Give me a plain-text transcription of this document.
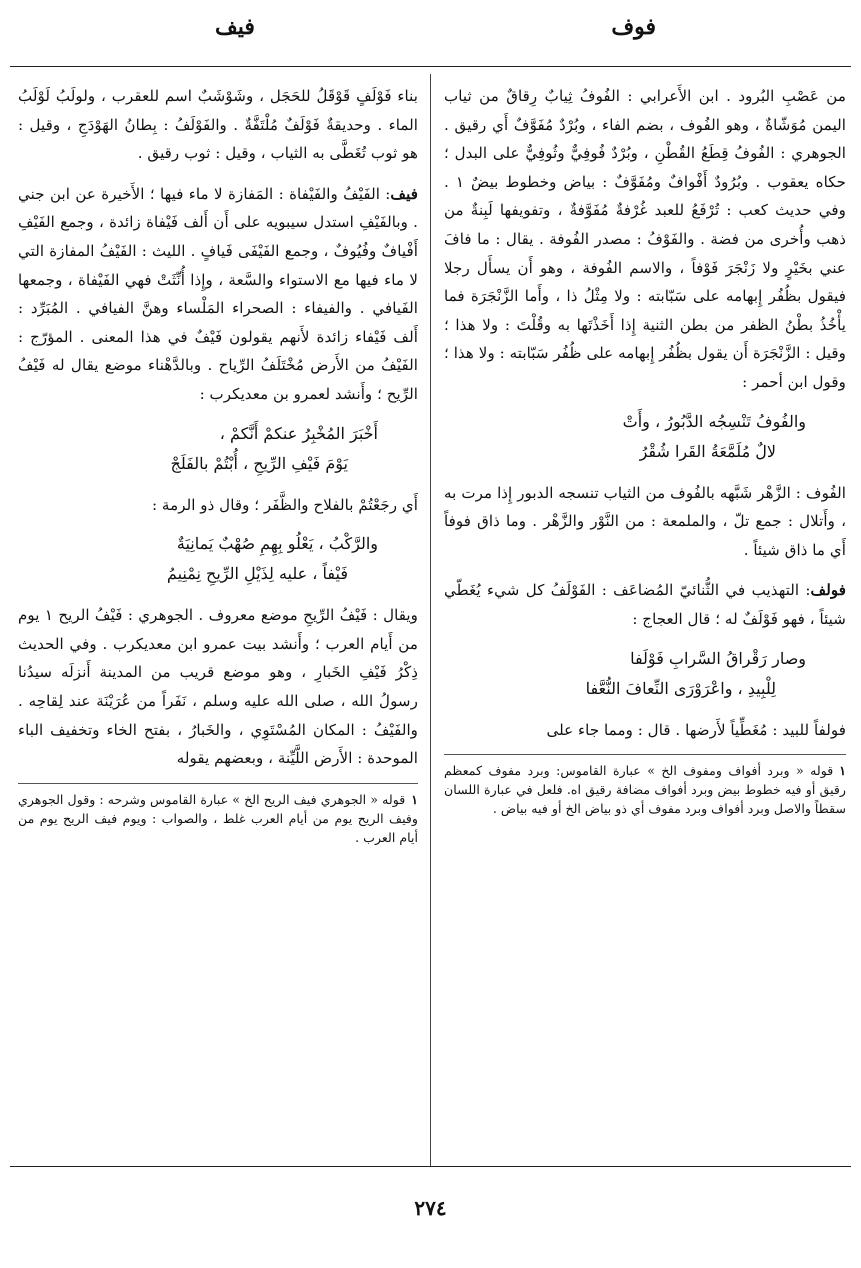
فوف
فيف

من عَصْبِ البُرود . ابن الأَعرابي : الفُوفُ ثِيابٌ رِقاقٌ من ثياب اليمن مُوَشّاةٌ ، وهو الفُوف ، بضم الفاء ، وبُرْدٌ مُفَوَّفٌ أَي رقيق . الجوهري : الفُوفُ قِطَعُ القُطْنِ ، وبُرْدٌ فُوفِيٌّ وثُوفِيٌّ على البدل ؛ حكاه يعقوب . وبُرُودٌ أَفْوافٌ ومُفَوَّفٌ : بياض وخطوط بيضٌ ١ . وفي حديث كعب : تُرْفَعُ للعبد غُرْفةٌ مُفَوَّفةٌ ، وتفويفها لَبِنةٌ من ذهب وأُخرى من فضة . والفَوْفُ : مصدر الفُوفة . يقال : ما فافَ عني بخَيْرٍ ولا زَنْجَرَ فَوْفاً ، والاسم الفُوفة ، وهو أَن يسأَل رجلا فيقول بظُفُر إِبهامه على سَبّابته : ولا مِثْلُ ذا ، وأَما الزَّنْجَرَة فما يأْخُذُ بطْنُ الظفر من بطن الثنية إِذا أَخَذْتَها به وقُلْتَ : ولا هذا ؛ وقيل : الزَّنْجَرَة أَن يقول بظُفُر إِبهامه على ظُفُر سَبّابته : ولا هذا ؛ وقول ابن أحمر :

والفُوفُ تَنْسِجُه الدَّبُورُ ، وأَتْ
لالٌ مُلَمَّعَةُ القَرا شُقْرُ

الفُوف : الزَّهْر شَبَّهه بالفُوف من الثياب تنسجه الدبور إِذا مرت به ، وأَتلال : جمع تلّ ، والملمعة : من النَّوْر والزَّهْر . وما ذاق فوفاً أَي ما ذاق شيئاً .

فولف: التهذيب في الثُّنائيّ المُضاعَف : الفَوْلَفُ كل شيء يُغَطّي شيئاً ، فهو فَوْلَفٌ له ؛ قال العجاج :

وصار رَقْراقُ السَّرابِ فَوْلَفا
لِلْبِيدِ ، واعْرَوْرَى النِّعافَ النُّعَّفا

فولفاً للبيد : مُغَطِّياً لأَرضها . قال : ومما جاء على

١قوله « وبرد أفواف ومفوف الخ » عبارة القاموس: وبرد مفوف كمعظم رقيق أو فيه خطوط بيض وبرد أفواف مضافة رقيق اه. فلعل في عبارة اللسان سقطاً والاصل وبرد أفواف وبرد مفوف أي ذو بياض الخ أو فيه بياض .

بناء فَوْلَفٍ قَوْقَلُ للحَجَل ، وشَوْشَبٌ اسم للعقرب ، ولولَبُ لَوْلَبُ الماء . وحديقةٌ فَوْلَفٌ مُلْتَفَّةٌ . والفَوْلَفُ : بِطانُ الهَوْدَجِ ، وقيل : هو ثوب تُغَطَّى به الثياب ، وقيل : ثوب رقيق .

فيف: الفَيْفُ والفَيْفاة : المَفازة لا ماء فيها ؛ الأَخيرة عن ابن جني . وبالفَيْفِ استدل سيبويه على أَن أَلف فَيْفاة زائدة ، وجمع الفَيْفِ أَفْيافٌ وفُيُوفٌ ، وجمع الفَيْفَى فَيافٍ . الليث : الفَيْفُ المفازة التي لا ماء فيها مع الاستواء والسَّعة ، وإِذا أُنِّثَتْ فهي الفَيْفاة ، وجمعها الفَيافي . والفيفاء : الصحراء المَلْساء وهنَّ الفيافي . المُبَرِّد : أَلف فَيْفاء زائدة لأَنهم يقولون فَيْفٌ في هذا المعنى . المؤرّج : الفَيْفُ من الأَرض مُخْتَلَفُ الرِّياح . وبالدَّهْناء موضع يقال له فَيْفُ الرِّيح ؛ وأَنشد لعمرو بن معديكرب :

أَخْبَرَ المُخْبِرُ عنكمْ أَنَّكمْ ،
يَوْمَ فَيْفِ الرِّيحِ ، أُبْتُمْ بالفَلَجْ

أَي رجَعْتُمْ بالفلاح والظَّفَر ؛ وقال ذو الرمة :

والرَّكْبُ ، يَعْلُو بِهِمِ صُهْبٌ يَمانِيَةٌ
فَيْفاً ، عليه لِذَيْلِ الرِّيحِ نِمْنِيمُ

ويقال : فَيْفُ الرِّيحِ موضع معروف . الجوهري : فَيْفُ الريح ١ يوم من أَيام العرب ؛ وأَنشد بيت عمرو ابن معديكرب . وفي الحديث ذِكْرُ فَيْفِ الخَبارِ ، وهو موضع قريب من المدينة أَنزلَه سيدُنا رسولُ الله ، صلى الله عليه وسلم ، نَفَراً من عُرَيْنَة عند لِقاحِه . والفَيْفُ : المكان المُسْتَوِي ، والخَبارُ ، بفتح الخاء وتخفيف الباء الموحدة : الأَرض اللَّيِّنة ، وبعضهم يقوله

١قوله « الجوهري فيف الريح الخ » عبارة القاموس وشرحه : وقول الجوهري وفيف الريح يوم من أيام العرب غلط ، والصواب : ويوم فيف الريح يوم من أيام العرب .

٢٧٤
